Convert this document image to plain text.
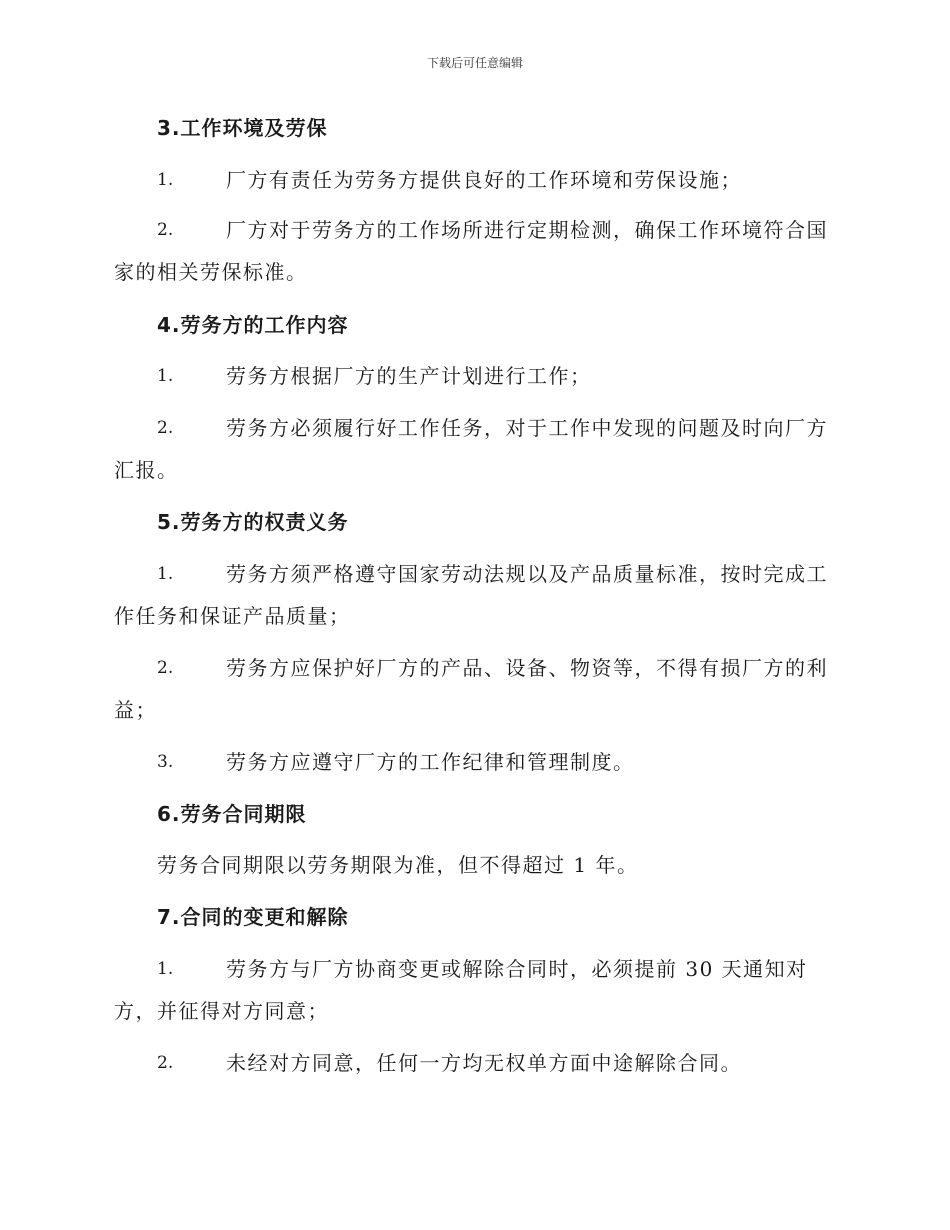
下载后可任意编辑
3.工作环境及劳保
1.	厂方有责任为劳务方提供良好的工作环境和劳保设施；
2.	厂方对于劳务方的工作场所进行定期检测，确保工作环境符合国
家的相关劳保标准。
4.劳务方的工作内容
1.	劳务方根据厂方的生产计划进行工作；
2.	劳务方必须履行好工作任务，对于工作中发现的问题及时向厂方
汇报。
5.劳务方的权责义务
1.	劳务方须严格遵守国家劳动法规以及产品质量标准，按时完成工
作任务和保证产品质量；
2.	劳务方应保护好厂方的产品、设备、物资等，不得有损厂方的利
益；
3.	劳务方应遵守厂方的工作纪律和管理制度。
6.劳务合同期限
劳务合同期限以劳务期限为准，但不得超过 1 年。
7.合同的变更和解除
1.	劳务方与厂方协商变更或解除合同时，必须提前 30 天通知对
方，并征得对方同意；
2.	未经对方同意，任何一方均无权单方面中途解除合同。
